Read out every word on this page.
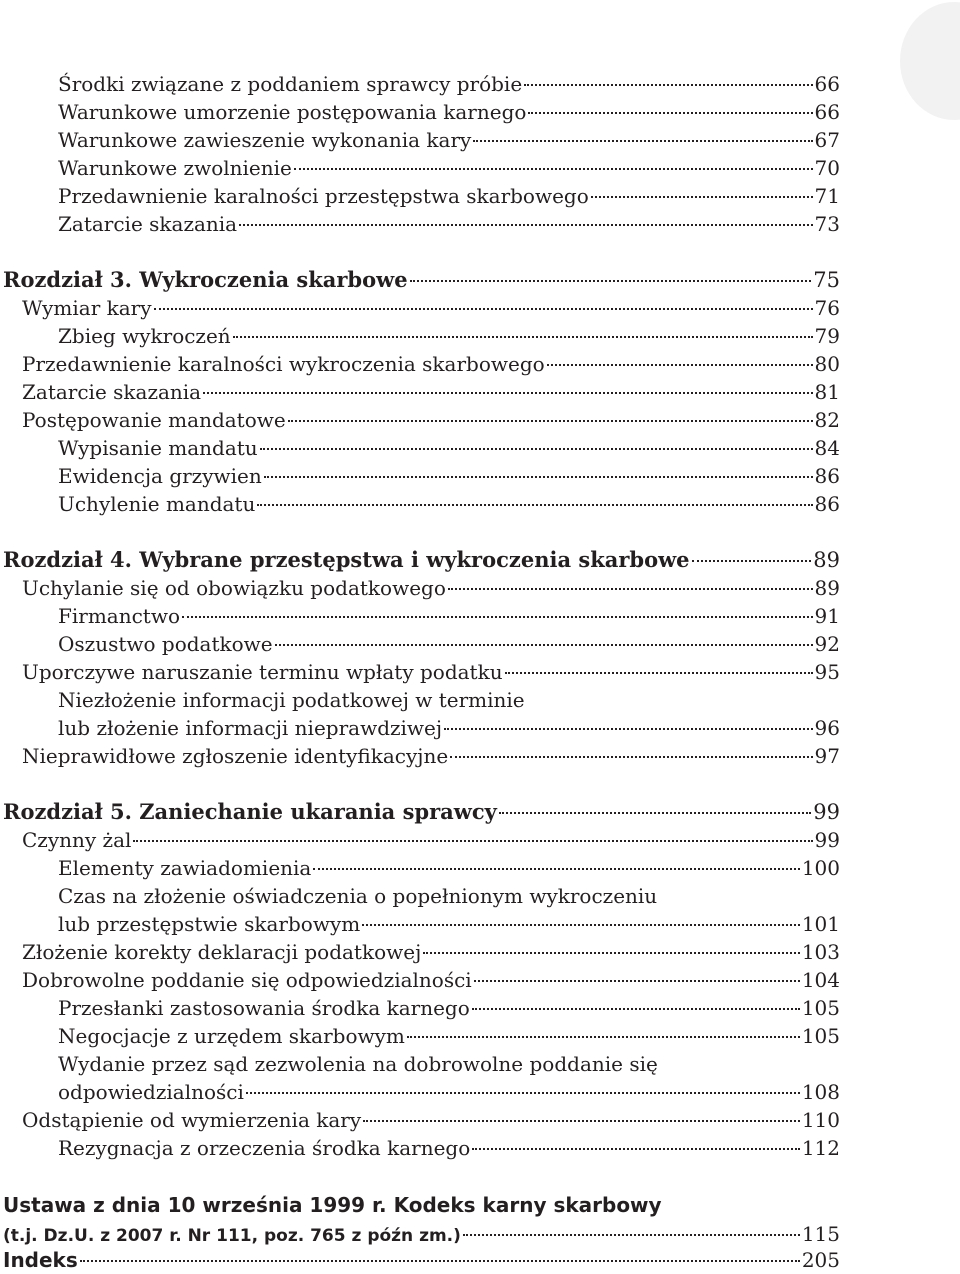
Środki związane z poddaniem sprawcy próbie	66
Warunkowe umorzenie postępowania karnego	66
Warunkowe zawieszenie wykonania kary	67
Warunkowe zwolnienie	70
Przedawnienie karalności przestępstwa skarbowego	71
Zatarcie skazania	73
Rozdział 3. Wykroczenia skarbowe	75
Wymiar kary	76
Zbieg wykroczeń	79
Przedawnienie karalności wykroczenia skarbowego	80
Zatarcie skazania	81
Postępowanie mandatowe	82
Wypisanie mandatu	84
Ewidencja grzywien	86
Uchylenie mandatu	86
Rozdział 4. Wybrane przestępstwa i wykroczenia skarbowe	89
Uchylanie się od obowiązku podatkowego	89
Firmanctwo	91
Oszustwo podatkowe	92
Uporczywe naruszanie terminu wpłaty podatku	95
Niezłożenie informacji podatkowej w terminie
lub złożenie informacji nieprawdziwej	96
Nieprawidłowe zgłoszenie identyfikacyjne	97
Rozdział 5. Zaniechanie ukarania sprawcy	99
Czynny żal	99
Elementy zawiadomienia	100
Czas na złożenie oświadczenia o popełnionym wykroczeniu
lub przestępstwie skarbowym	101
Złożenie korekty deklaracji podatkowej	103
Dobrowolne poddanie się odpowiedzialności	104
Przesłanki zastosowania środka karnego	105
Negocjacje z urzędem skarbowym	105
Wydanie przez sąd zezwolenia na dobrowolne poddanie się
odpowiedzialności	108
Odstąpienie od wymierzenia kary	110
Rezygnacja z orzeczenia środka karnego	112
Ustawa z dnia 10 września 1999 r. Kodeks karny skarbowy
(t.j. Dz.U. z 2007 r. Nr 111, poz. 765 z późn zm.)	115
Indeks	205
